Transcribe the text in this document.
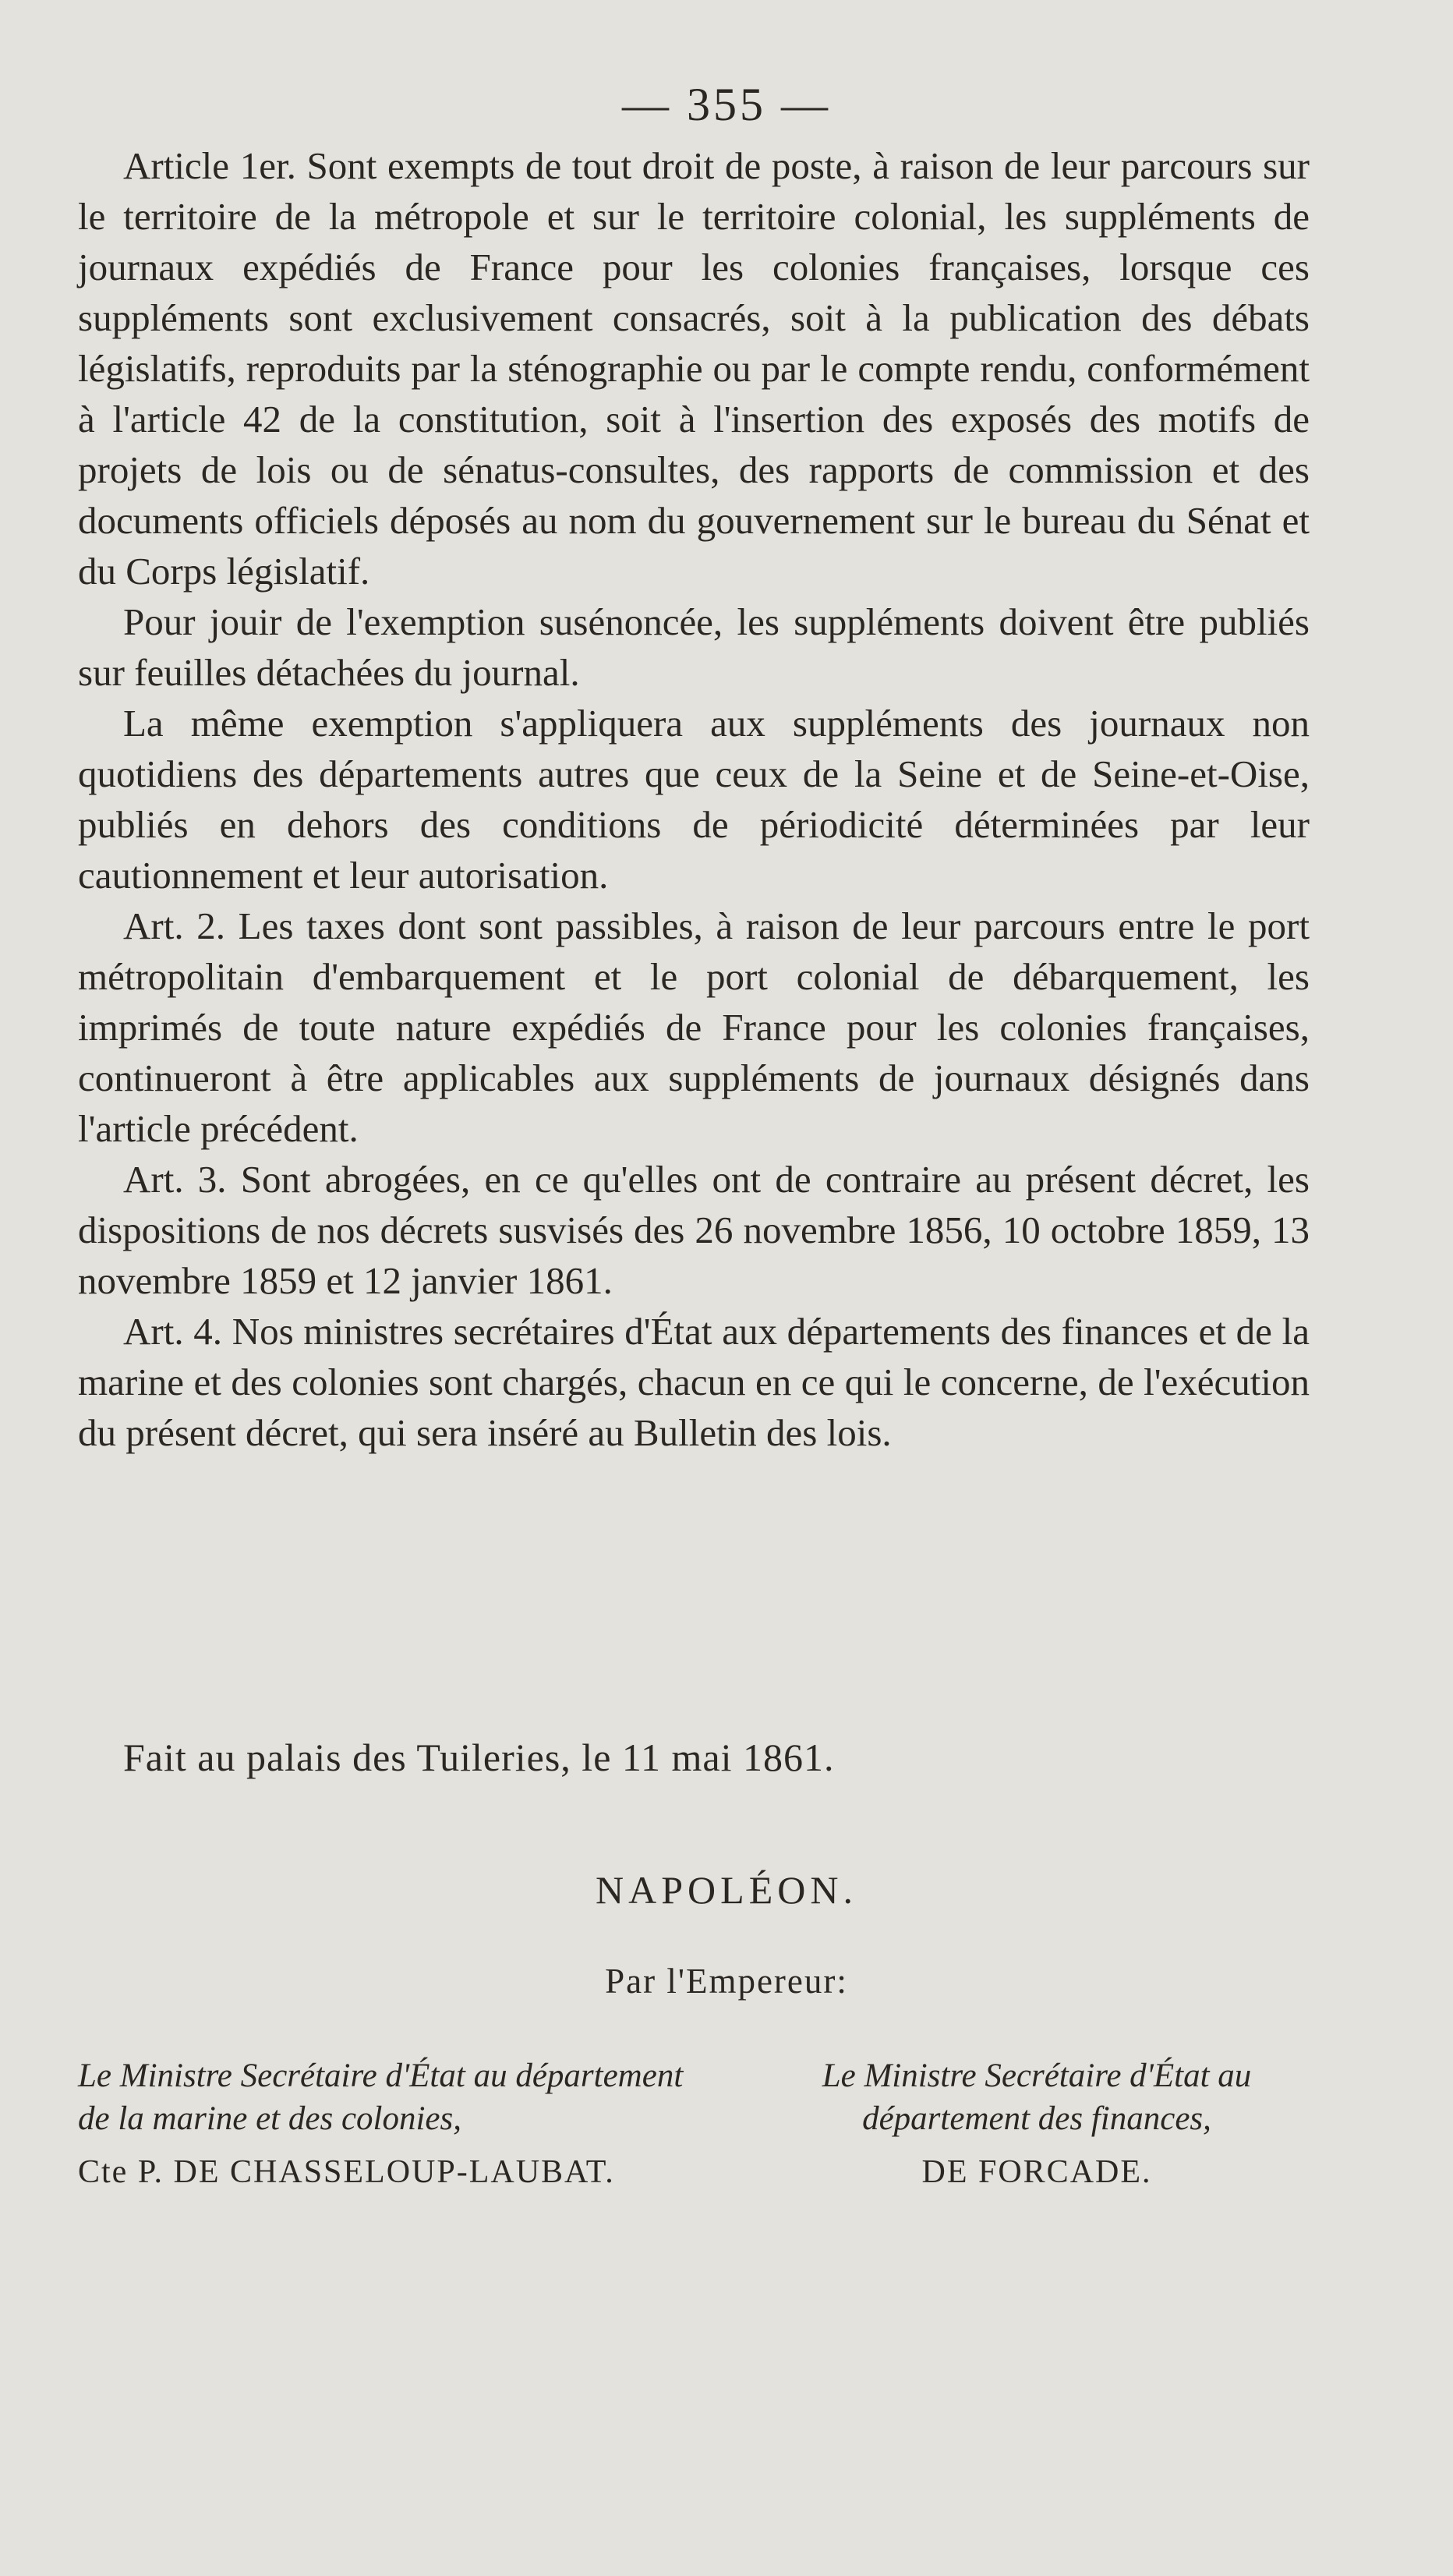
— 355 —

Article 1er. Sont exempts de tout droit de poste, à raison de leur parcours sur le territoire de la métropole et sur le territoire colonial, les suppléments de journaux expédiés de France pour les colonies françaises, lorsque ces suppléments sont exclusivement consacrés, soit à la publication des débats législatifs, reproduits par la sténographie ou par le compte rendu, conformément à l'article 42 de la constitution, soit à l'insertion des exposés des motifs de projets de lois ou de sénatus-consultes, des rapports de commission et des documents officiels déposés au nom du gouvernement sur le bureau du Sénat et du Corps législatif.

Pour jouir de l'exemption susénoncée, les suppléments doivent être publiés sur feuilles détachées du journal.

La même exemption s'appliquera aux suppléments des journaux non quotidiens des départements autres que ceux de la Seine et de Seine-et-Oise, publiés en dehors des conditions de périodicité déterminées par leur cautionnement et leur autorisation.

Art. 2. Les taxes dont sont passibles, à raison de leur parcours entre le port métropolitain d'embarquement et le port colonial de débarquement, les imprimés de toute nature expédiés de France pour les colonies françaises, continueront à être applicables aux suppléments de journaux désignés dans l'article précédent.

Art. 3. Sont abrogées, en ce qu'elles ont de contraire au présent décret, les dispositions de nos décrets susvisés des 26 novembre 1856, 10 octobre 1859, 13 novembre 1859 et 12 janvier 1861.

Art. 4. Nos ministres secrétaires d'État aux départements des finances et de la marine et des colonies sont chargés, chacun en ce qui le concerne, de l'exécution du présent décret, qui sera inséré au Bulletin des lois.

Fait au palais des Tuileries, le 11 mai 1861.
NAPOLÉON.
Par l'Empereur:
Le Ministre Secrétaire d'État au département de la marine et des colonies,
Cte P. DE CHASSELOUP-LAUBAT.
Le Ministre Secrétaire d'État au département des finances,
DE FORCADE.
